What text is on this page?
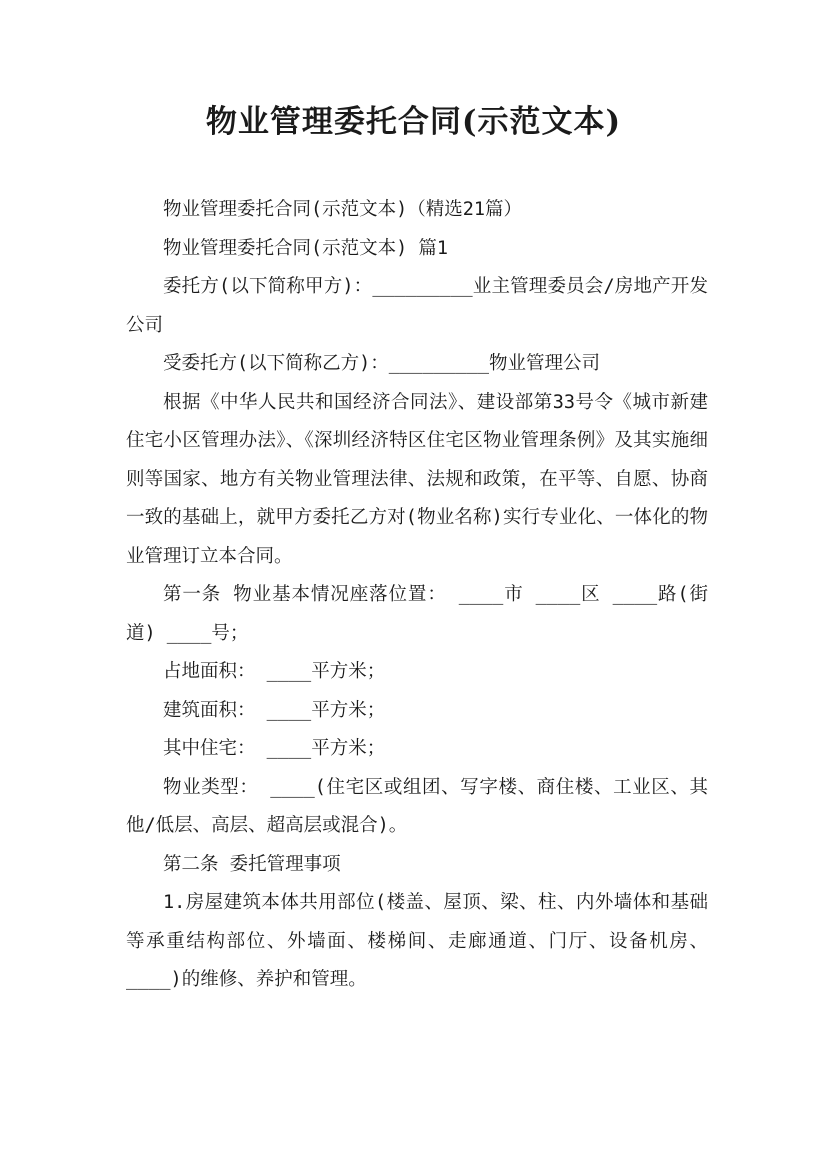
物业管理委托合同(示范文本)

物业管理委托合同(示范文本)（精选21篇）

物业管理委托合同(示范文本) 篇1

委托方(以下简称甲方)：_________业主管理委员会/房地产开发公司

受委托方(以下简称乙方)：_________物业管理公司

根据《中华人民共和国经济合同法》、建设部第33号令《城市新建住宅小区管理办法》、《深圳经济特区住宅区物业管理条例》及其实施细则等国家、地方有关物业管理法律、法规和政策，在平等、自愿、协商一致的基础上，就甲方委托乙方对(物业名称)实行专业化、一体化的物业管理订立本合同。

第一条 物业基本情况座落位置： ____市 ____区 ____路(街道) ____号；

占地面积： ____平方米；

建筑面积： ____平方米；

其中住宅： ____平方米；

物业类型： ____(住宅区或组团、写字楼、商住楼、工业区、其他/低层、高层、超高层或混合)。

第二条 委托管理事项

1.房屋建筑本体共用部位(楼盖、屋顶、梁、柱、内外墙体和基础等承重结构部位、外墙面、楼梯间、走廊通道、门厅、设备机房、____)的维修、养护和管理。
